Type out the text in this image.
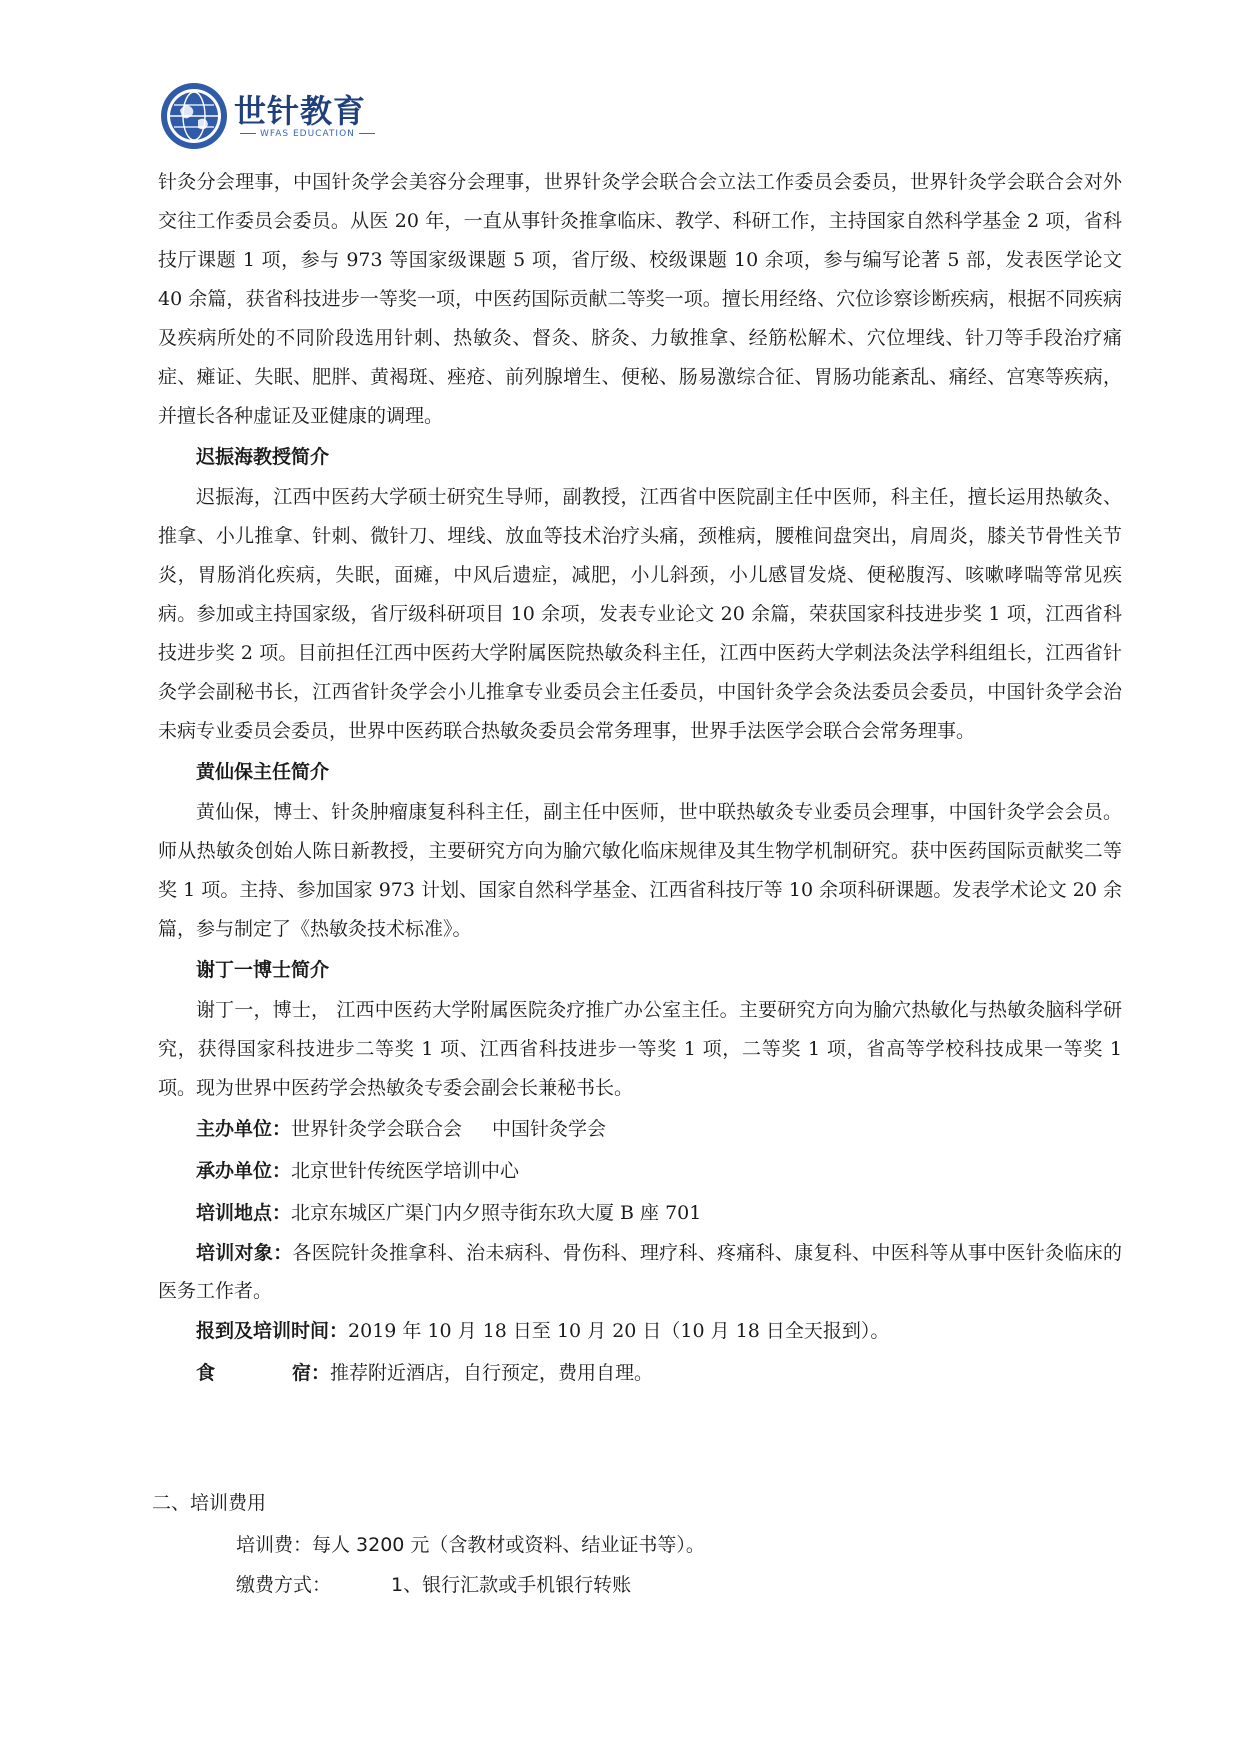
世针教育
WFAS EDUCATION

针灸分会理事，中国针灸学会美容分会理事，世界针灸学会联合会立法工作委员会委员，世界针灸学会联合会对外交往工作委员会委员。从医 20 年，一直从事针灸推拿临床、教学、科研工作，主持国家自然科学基金 2 项，省科技厅课题 1 项，参与 973 等国家级课题 5 项，省厅级、校级课题 10 余项，参与编写论著 5 部，发表医学论文 40 余篇，获省科技进步一等奖一项，中医药国际贡献二等奖一项。擅长用经络、穴位诊察诊断疾病，根据不同疾病及疾病所处的不同阶段选用针刺、热敏灸、督灸、脐灸、力敏推拿、经筋松解术、穴位埋线、针刀等手段治疗痛症、瘫证、失眠、肥胖、黄褐斑、痤疮、前列腺增生、便秘、肠易激综合征、胃肠功能紊乱、痛经、宫寒等疾病，并擅长各种虚证及亚健康的调理。

迟振海教授简介

迟振海，江西中医药大学硕士研究生导师，副教授，江西省中医院副主任中医师，科主任，擅长运用热敏灸、推拿、小儿推拿、针刺、微针刀、埋线、放血等技术治疗头痛，颈椎病，腰椎间盘突出，肩周炎，膝关节骨性关节炎，胃肠消化疾病，失眠，面瘫，中风后遗症，减肥，小儿斜颈，小儿感冒发烧、便秘腹泻、咳嗽哮喘等常见疾病。参加或主持国家级，省厅级科研项目 10 余项，发表专业论文 20 余篇，荣获国家科技进步奖 1 项，江西省科技进步奖 2 项。目前担任江西中医药大学附属医院热敏灸科主任，江西中医药大学刺法灸法学科组组长，江西省针灸学会副秘书长，江西省针灸学会小儿推拿专业委员会主任委员，中国针灸学会灸法委员会委员，中国针灸学会治未病专业委员会委员，世界中医药联合热敏灸委员会常务理事，世界手法医学会联合会常务理事。

黄仙保主任简介

黄仙保，博士、针灸肿瘤康复科科主任，副主任中医师，世中联热敏灸专业委员会理事，中国针灸学会会员。师从热敏灸创始人陈日新教授，主要研究方向为腧穴敏化临床规律及其生物学机制研究。获中医药国际贡献奖二等奖 1 项。主持、参加国家 973 计划、国家自然科学基金、江西省科技厅等 10 余项科研课题。发表学术论文 20 余篇，参与制定了《热敏灸技术标准》。

谢丁一博士简介

谢丁一，博士， 江西中医药大学附属医院灸疗推广办公室主任。主要研究方向为腧穴热敏化与热敏灸脑科学研究，获得国家科技进步二等奖 1 项、江西省科技进步一等奖 1 项，二等奖 1 项，省高等学校科技成果一等奖 1 项。现为世界中医药学会热敏灸专委会副会长兼秘书长。

主办单位：世界针灸学会联合会 中国针灸学会

承办单位：北京世针传统医学培训中心

培训地点：北京东城区广渠门内夕照寺街东玖大厦 B 座 701

培训对象：各医院针灸推拿科、治未病科、骨伤科、理疗科、疼痛科、康复科、中医科等从事中医针灸临床的医务工作者。

报到及培训时间：2019 年 10 月 18 日至 10 月 20 日（10 月 18 日全天报到）。

食	宿：推荐附近酒店，自行预定，费用自理。

二、培训费用
培训费：每人 3200 元（含教材或资料、结业证书等）。
缴费方式：	1、银行汇款或手机银行转账
